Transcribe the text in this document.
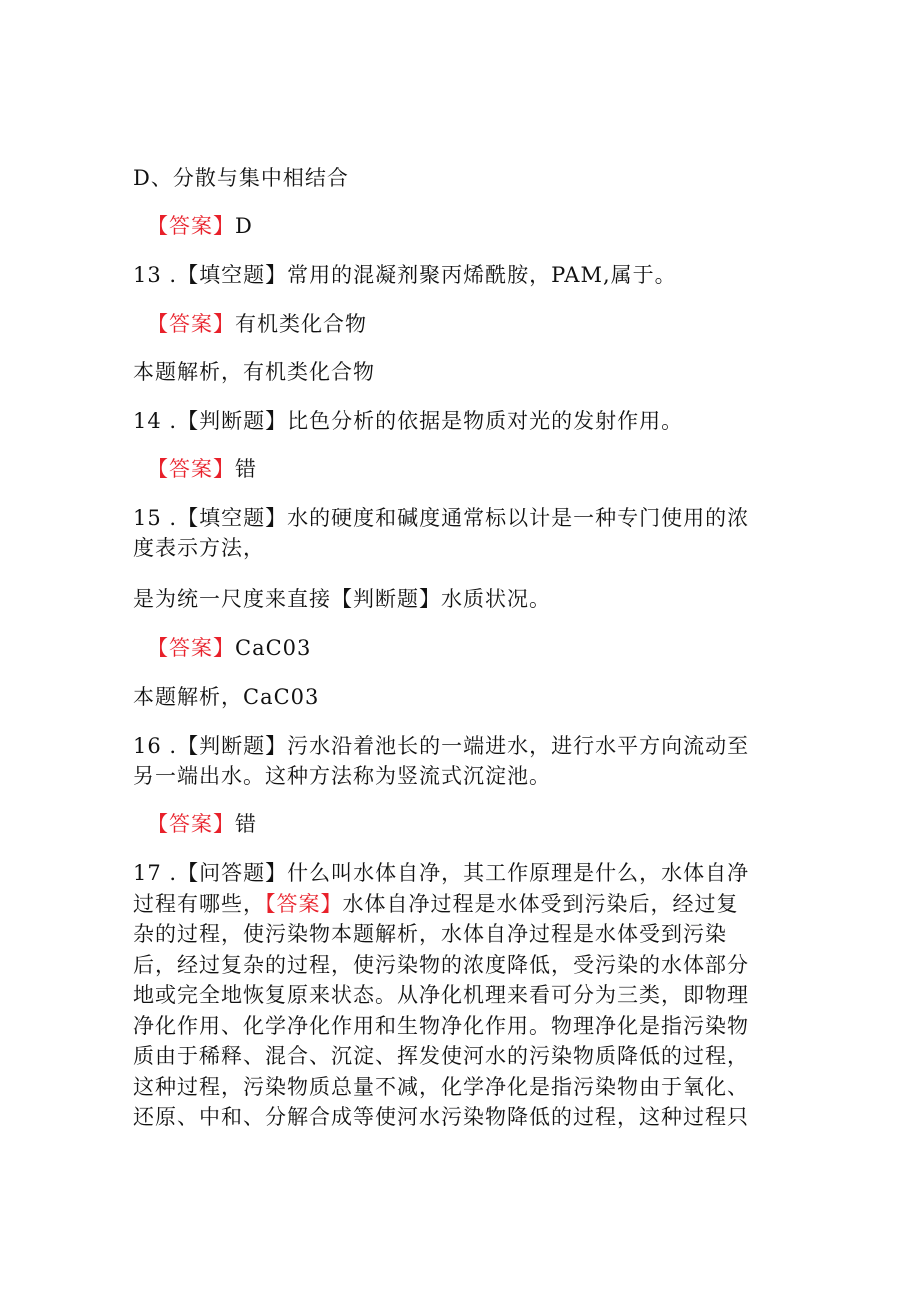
D、分散与集中相结合
【答案】D
13 .【填空题】常用的混凝剂聚丙烯酰胺，PAM,属于。
【答案】有机类化合物
本题解析，有机类化合物
14 .【判断题】比色分析的依据是物质对光的发射作用。
【答案】错
15 .【填空题】水的硬度和碱度通常标以计是一种专门使用的浓
度表示方法，
是为统一尺度来直接【判断题】水质状况。
【答案】CaC03
本题解析，CaC03
16 .【判断题】污水沿着池长的一端进水，进行水平方向流动至
另一端出水。这种方法称为竖流式沉淀池。
【答案】错
17 .【问答题】什么叫水体自净，其工作原理是什么，水体自净
过程有哪些，【答案】水体自净过程是水体受到污染后，经过复
杂的过程，使污染物本题解析，水体自净过程是水体受到污染
后，经过复杂的过程，使污染物的浓度降低，受污染的水体部分
地或完全地恢复原来状态。从净化机理来看可分为三类，即物理
净化作用、化学净化作用和生物净化作用。物理净化是指污染物
质由于稀释、混合、沉淀、挥发使河水的污染物质降低的过程，
这种过程，污染物质总量不减，化学净化是指污染物由于氧化、
还原、中和、分解合成等使河水污染物降低的过程，这种过程只
